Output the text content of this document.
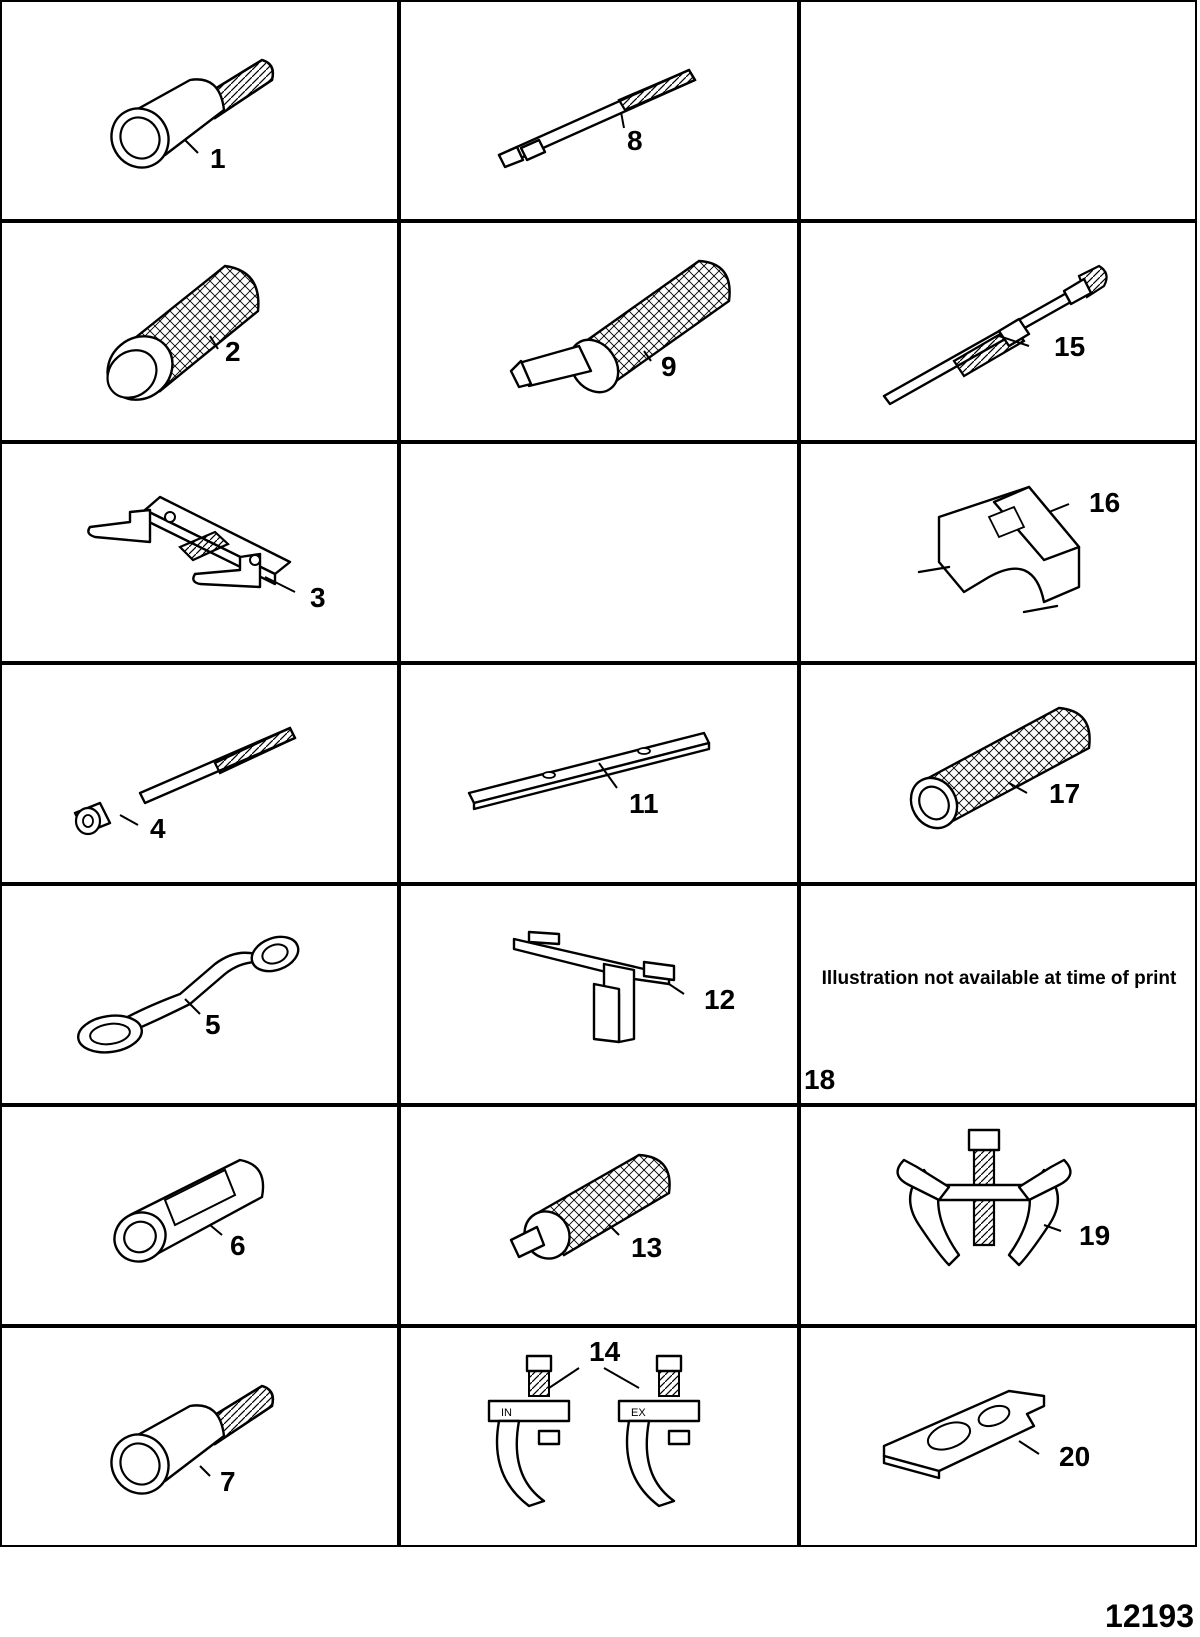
1
8
2	9
15
3
16
4
11	17
5
12
Illustration not available at time of print
18
6	13	19
7
IN	EX
14
20
12193
